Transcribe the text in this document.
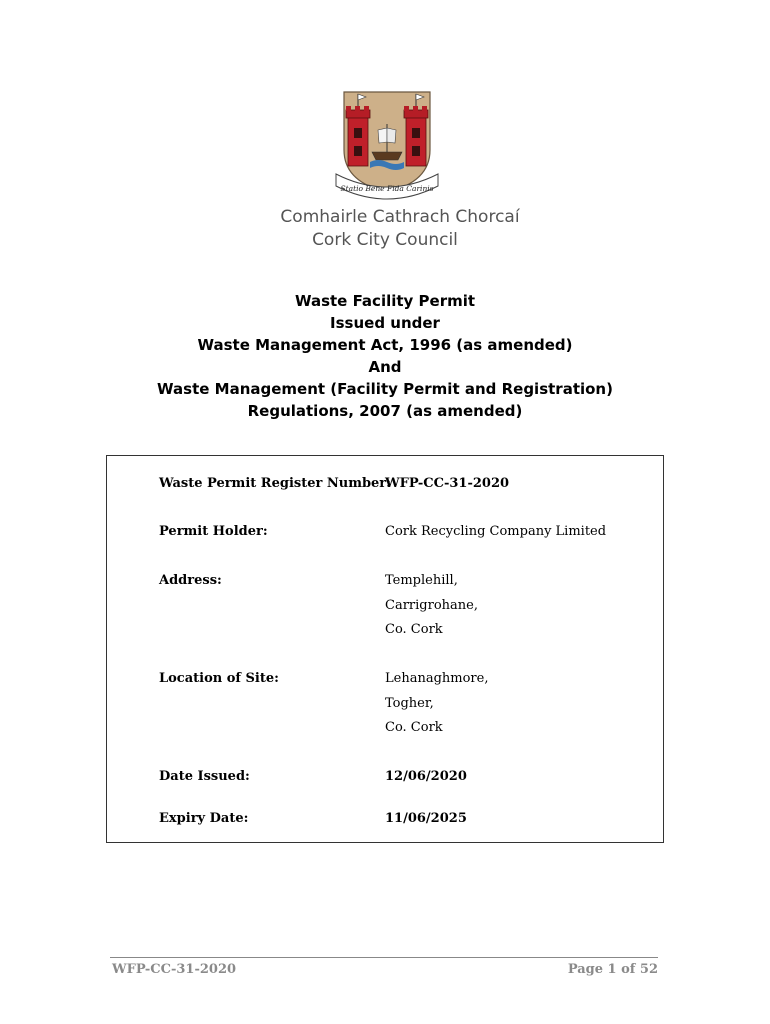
Statio Bene Fida Carinis
Comhairle Cathrach Chorcaí
Cork City Council
Waste Facility Permit
Issued under
Waste Management Act, 1996 (as amended)
And
Waste Management (Facility Permit and Registration)
Regulations, 2007 (as amended)
Waste Permit Register Number:
WFP-CC-31-2020
Permit Holder:	Cork Recycling Company Limited
Address:	Templehill,
Carrigrohane,
Co. Cork
Location of Site:	Lehanaghmore,
Togher,
Co. Cork
Date Issued:	12/06/2020
Expiry Date:	11/06/2025
WFP-CC-31-2020	Page 1 of 52
